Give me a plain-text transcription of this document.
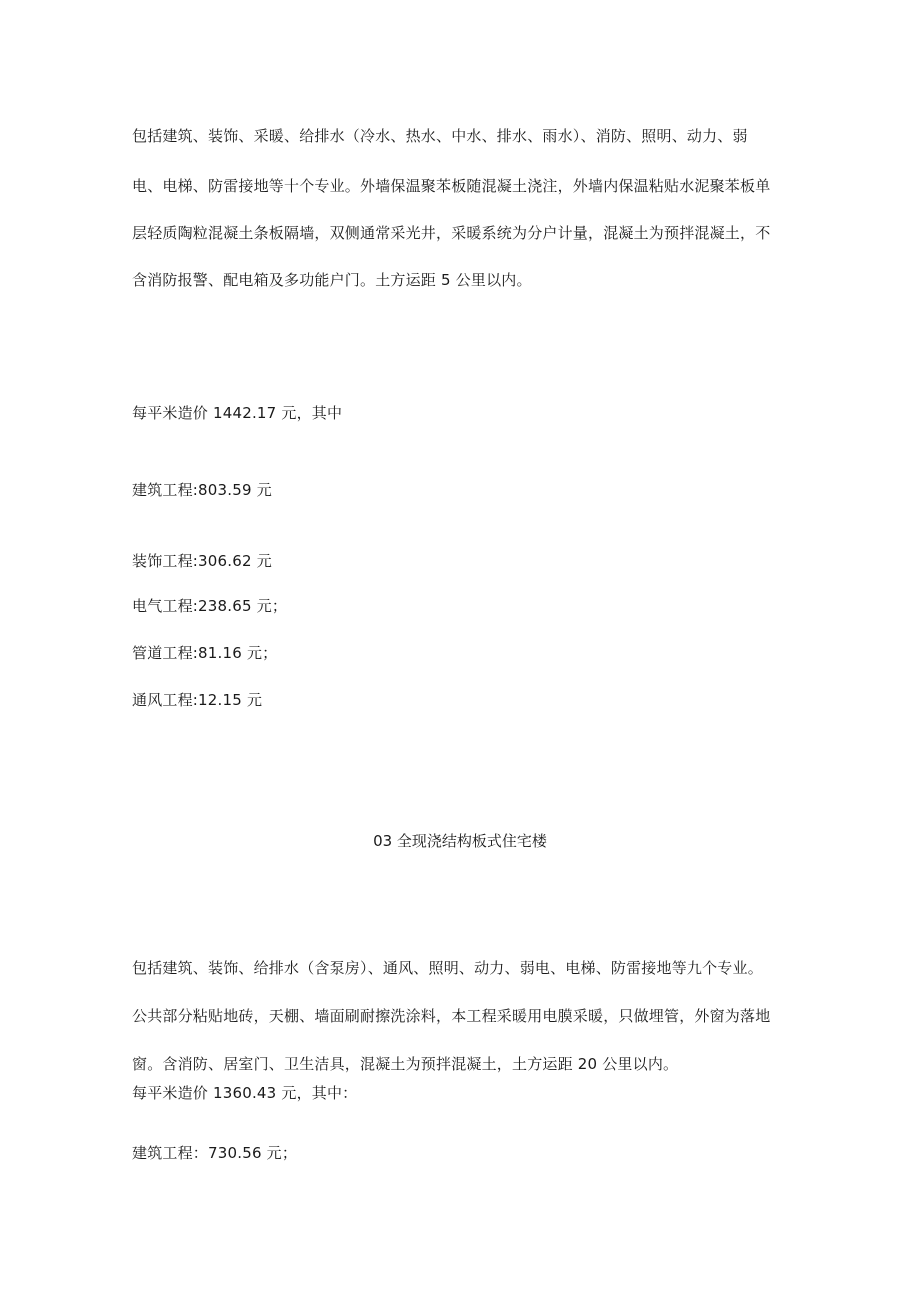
包括建筑、装饰、采暖、给排水（冷水、热水、中水、排水、雨水）、消防、照明、动力、弱
电、电梯、防雷接地等十个专业。外墙保温聚苯板随混凝土浇注，外墙内保温粘贴水泥聚苯板单
层轻质陶粒混凝土条板隔墙，双侧通常采光井，采暖系统为分户计量，混凝土为预拌混凝土，不
含消防报警、配电箱及多功能户门。土方运距 5 公里以内。
每平米造价 1442.17 元，其中
建筑工程:803.59 元
装饰工程:306.62 元
电气工程:238.65 元；
管道工程:81.16 元；
通风工程:12.15 元
03 全现浇结构板式住宅楼
包括建筑、装饰、给排水（含泵房）、通风、照明、动力、弱电、电梯、防雷接地等九个专业。
公共部分粘贴地砖，天棚、墙面刷耐擦洗涂料，本工程采暖用电膜采暖，只做埋管，外窗为落地
窗。含消防、居室门、卫生洁具，混凝土为预拌混凝土，土方运距 20 公里以内。
每平米造价 1360.43 元，其中：
建筑工程：730.56 元；
